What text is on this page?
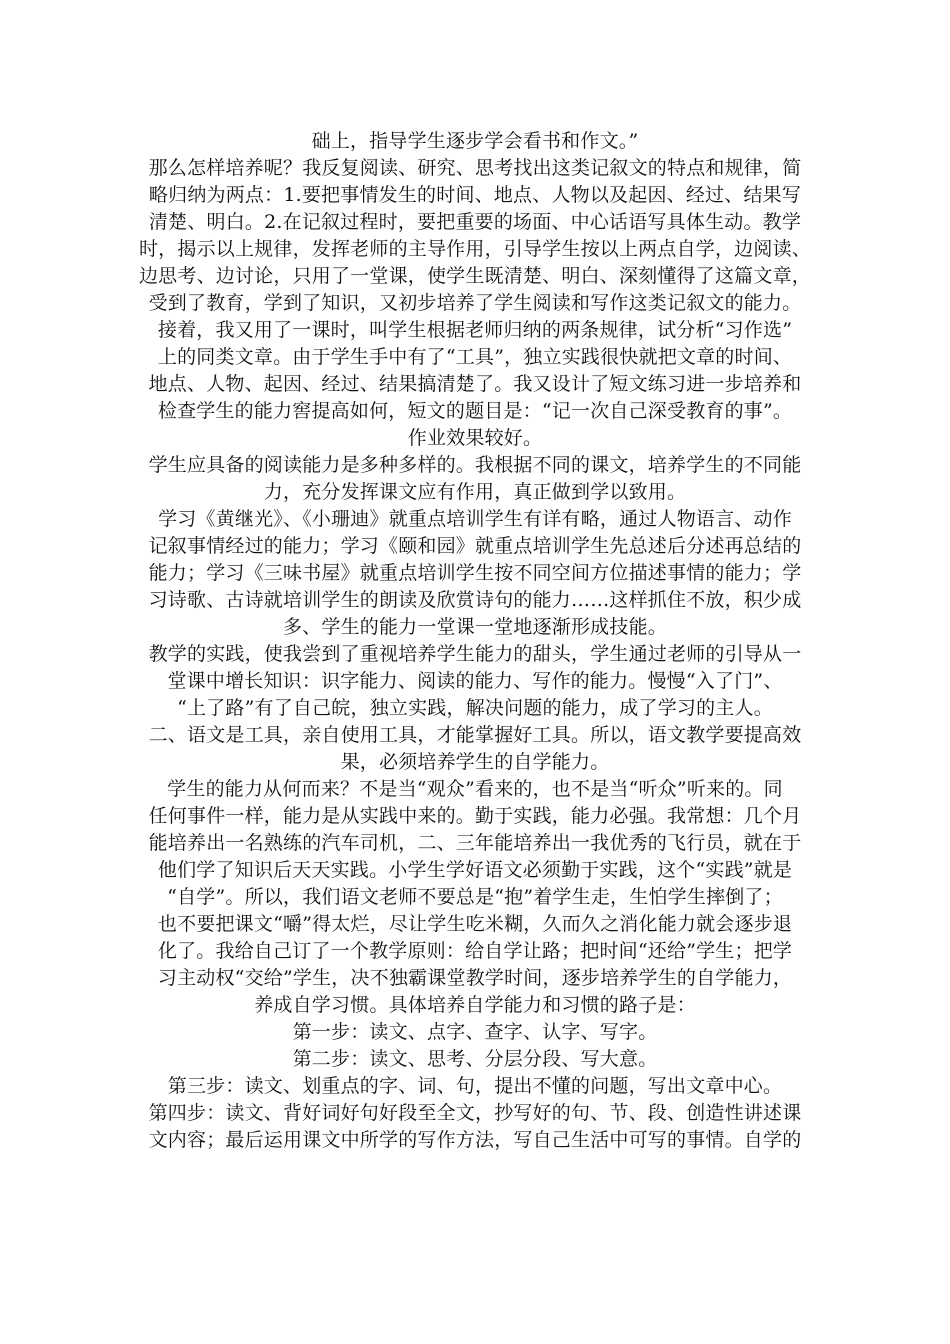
础上，指导学生逐步学会看书和作文。”
那么怎样培养呢？我反复阅读、研究、思考找出这类记叙文的特点和规律，简
略归纳为两点：1.要把事情发生的时间、地点、人物以及起因、经过、结果写
清楚、明白。2.在记叙过程时，要把重要的场面、中心话语写具体生动。教学
时，揭示以上规律，发挥老师的主导作用，引导学生按以上两点自学，边阅读、
边思考、边讨论，只用了一堂课，使学生既清楚、明白、深刻懂得了这篇文章，
受到了教育，学到了知识，又初步培养了学生阅读和写作这类记叙文的能力。
接着，我又用了一课时，叫学生根据老师归纳的两条规律，试分析“习作选”
上的同类文章。由于学生手中有了“工具”，独立实践很快就把文章的时间、
地点、人物、起因、经过、结果搞清楚了。我又设计了短文练习进一步培养和
检查学生的能力窖提高如何，短文的题目是：“记一次自己深受教育的事”。
作业效果较好。
学生应具备的阅读能力是多种多样的。我根据不同的课文，培养学生的不同能
力，充分发挥课文应有作用，真正做到学以致用。
学习《黄继光》、《小珊迪》就重点培训学生有详有略，通过人物语言、动作
记叙事情经过的能力；学习《颐和园》就重点培训学生先总述后分述再总结的
能力；学习《三味书屋》就重点培训学生按不同空间方位描述事情的能力；学
习诗歌、古诗就培训学生的朗读及欣赏诗句的能力……这样抓住不放，积少成
多、学生的能力一堂课一堂地逐渐形成技能。
教学的实践，使我尝到了重视培养学生能力的甜头，学生通过老师的引导从一
堂课中增长知识：识字能力、阅读的能力、写作的能力。慢慢“入了门”、
“上了路”有了自己皖，独立实践，解决问题的能力，成了学习的主人。
二、语文是工具，亲自使用工具，才能掌握好工具。所以，语文教学要提高效
果，必须培养学生的自学能力。
学生的能力从何而来？不是当“观众”看来的，也不是当“听众”听来的。同
任何事件一样，能力是从实践中来的。勤于实践，能力必强。我常想：几个月
能培养出一名熟练的汽车司机，二、三年能培养出一我优秀的飞行员，就在于
他们学了知识后天天实践。小学生学好语文必须勤于实践，这个“实践”就是
“自学”。所以，我们语文老师不要总是“抱”着学生走，生怕学生摔倒了；
也不要把课文“嚼”得太烂，尽让学生吃米糊，久而久之消化能力就会逐步退
化了。我给自己订了一个教学原则：给自学让路；把时间“还给”学生；把学
习主动权“交给”学生，决不独霸课堂教学时间，逐步培养学生的自学能力，
养成自学习惯。具体培养自学能力和习惯的路子是：
第一步：读文、点字、查字、认字、写字。
第二步：读文、思考、分层分段、写大意。
第三步：读文、划重点的字、词、句，提出不懂的问题，写出文章中心。
第四步：读文、背好词好句好段至全文，抄写好的句、节、段、创造性讲述课
文内容；最后运用课文中所学的写作方法，写自己生活中可写的事情。自学的
